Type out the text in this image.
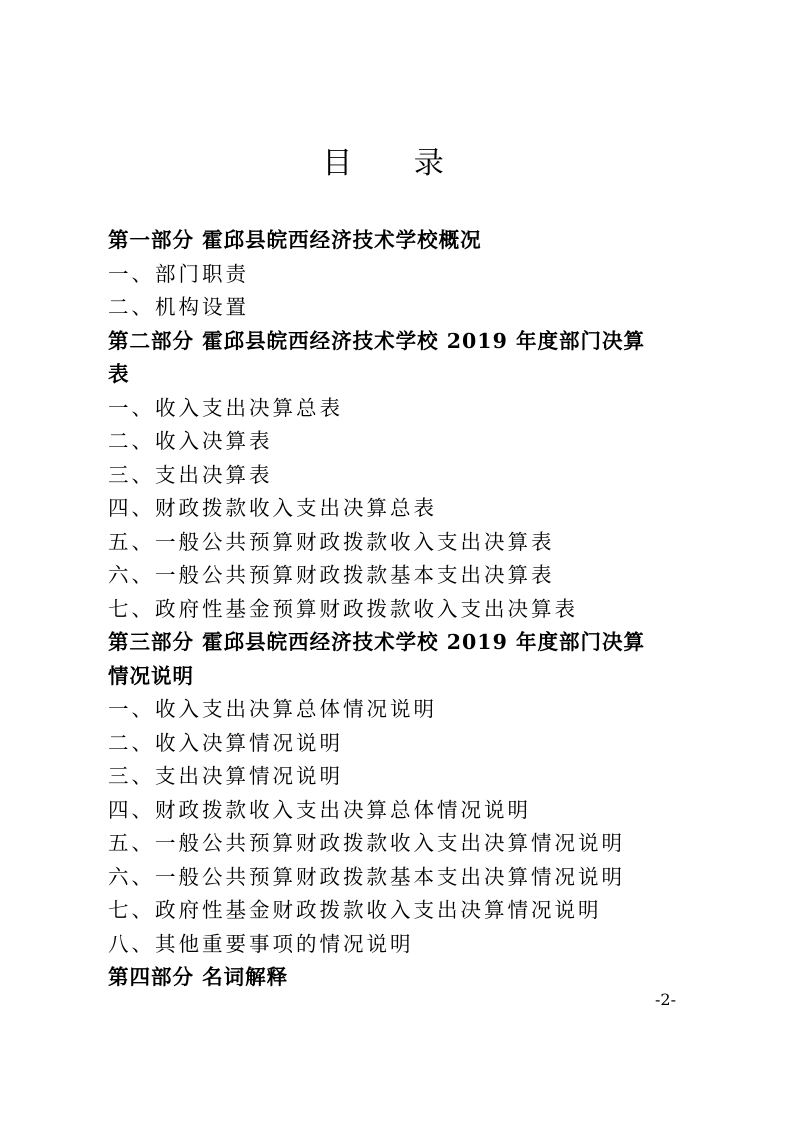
目 录
第一部分 霍邱县皖西经济技术学校概况
一、部门职责
二、机构设置
第二部分 霍邱县皖西经济技术学校 2019 年度部门决算
表
一、收入支出决算总表
二、收入决算表
三、支出决算表
四、财政拨款收入支出决算总表
五、一般公共预算财政拨款收入支出决算表
六、一般公共预算财政拨款基本支出决算表
七、政府性基金预算财政拨款收入支出决算表
第三部分 霍邱县皖西经济技术学校 2019 年度部门决算
情况说明
一、收入支出决算总体情况说明
二、收入决算情况说明
三、支出决算情况说明
四、财政拨款收入支出决算总体情况说明
五、一般公共预算财政拨款收入支出决算情况说明
六、一般公共预算财政拨款基本支出决算情况说明
七、政府性基金财政拨款收入支出决算情况说明
八、其他重要事项的情况说明
第四部分 名词解释
-2-
